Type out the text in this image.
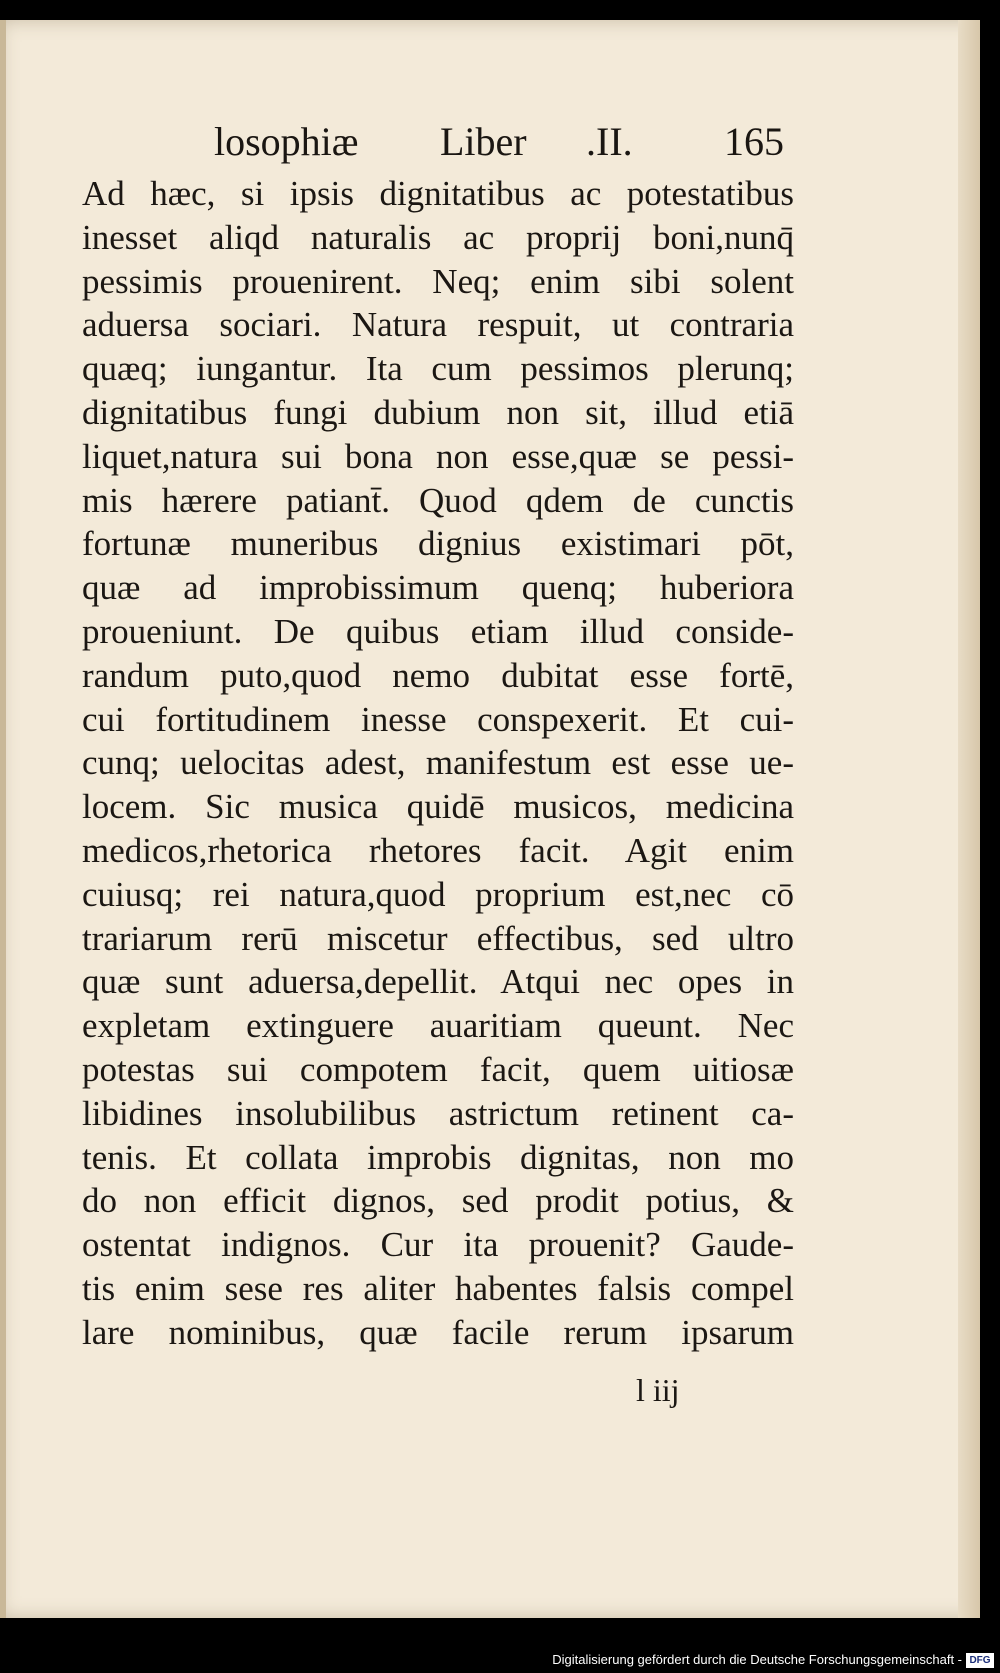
losophiæ Liber .II. 165
Ad hæc, si ipsis dignitatibus ac potestatibus
inesset aliqd naturalis ac proprij boni,nunq̄
pessimis prouenirent. Neq; enim sibi solent
aduersa sociari. Natura respuit, ut contraria
quæq; iungantur. Ita cum pessimos plerunq;
dignitatibus fungi dubium non sit, illud etiā
liquet,natura sui bona non esse,quæ se pessi-
mis hærere patiant̄. Quod qdem de cunctis
fortunæ muneribus dignius existimari pōt,
quæ ad improbissimum quenq; huberiora
proueniunt. De quibus etiam illud conside-
randum puto,quod nemo dubitat esse fortē,
cui fortitudinem inesse conspexerit. Et cui-
cunq; uelocitas adest, manifestum est esse ue-
locem. Sic musica quidē musicos, medicina
medicos,rhetorica rhetores facit. Agit enim
cuiusq; rei natura,quod proprium est,nec cō
trariarum rerū miscetur effectibus, sed ultro
quæ sunt aduersa,depellit. Atqui nec opes in
expletam extinguere auaritiam queunt. Nec
potestas sui compotem facit, quem uitiosæ
libidines insolubilibus astrictum retinent ca-
tenis. Et collata improbis dignitas, non mo
do non efficit dignos, sed prodit potius, &
ostentat indignos. Cur ita prouenit? Gaude-
tis enim sese res aliter habentes falsis compel
lare nominibus, quæ facile rerum ipsarum
l iij
Digitalisierung gefördert durch die Deutsche Forschungsgemeinschaft - DFG
